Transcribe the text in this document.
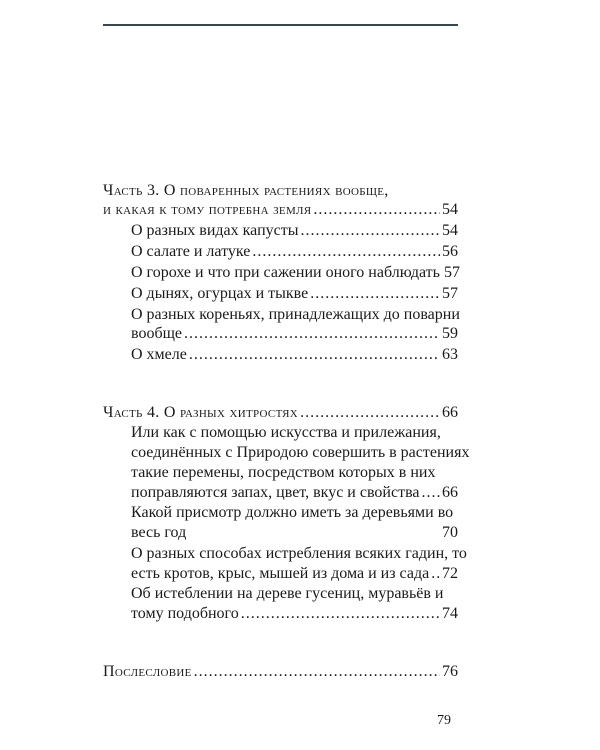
Часть 3. О поваренных растениях вообще,
и какая к тому потребна земля .....	54
О разных видах капусты .....	54
О салате и латуке .....	56
О горохе и что при сажении оного наблюдать 57
О дынях, огурцах и тыкве .....	57
О разных кореньях, принадлежащих до поварни
вообще .....	59
О хмеле .....	63
Часть 4. О разных хитростях .....	66
Или как с помощью искусства и прилежания,
соединённых с Природою совершить в растениях
такие перемены, посредством которых в них
поправляются запах, цвет, вкус и свойства ..... 66
Какой присмотр должно иметь за деревьями во
весь год	70
О разных способах истребления всяких гадин, то
есть кротов, крыс, мышей из дома и из сада ..... 72
Об истеблении на дереве гусениц, муравьёв и
тому подобного .....	74
Послесловие .....	76
79
